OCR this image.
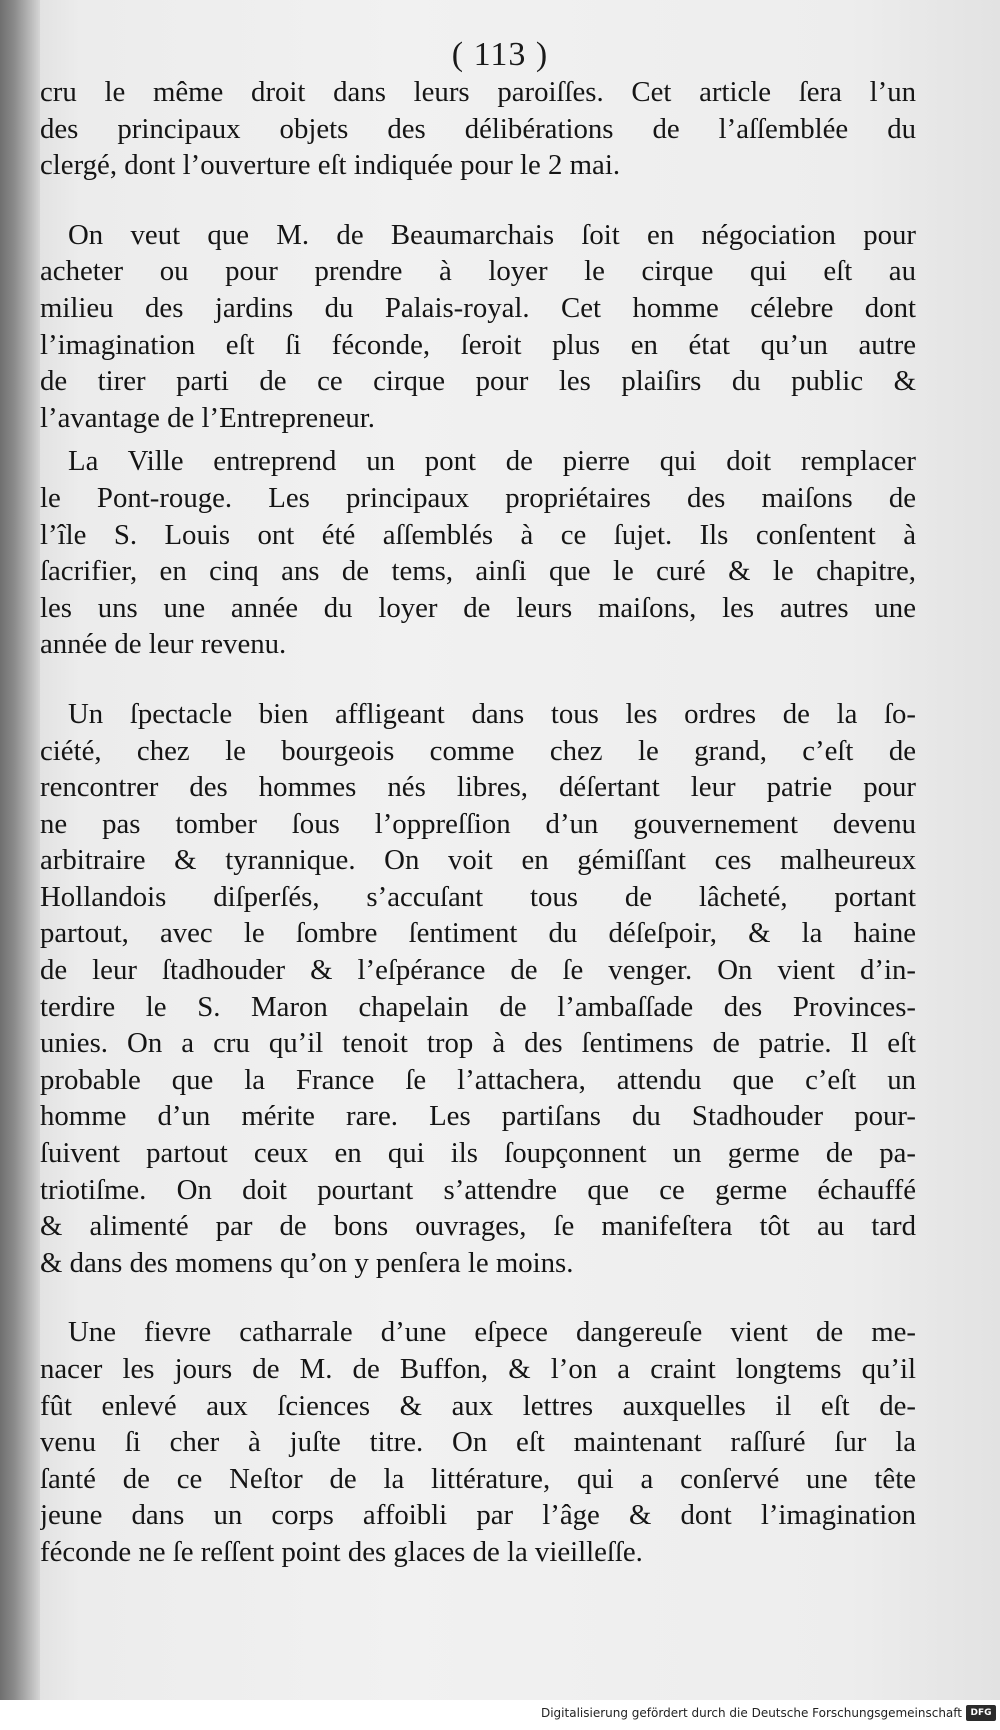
( 113 )

cru le même droit dans leurs paroiſſes. Cet article ſera l’un
des principaux objets des délibérations de l’aſſemblée du
clergé, dont l’ouverture eſt indiquée pour le 2 mai.

On veut que M. de Beaumarchais ſoit en négociation pour
acheter ou pour prendre à loyer le cirque qui eſt au
milieu des jardins du Palais-royal. Cet homme célebre dont
l’imagination eſt ſi féconde, ſeroit plus en état qu’un autre
de tirer parti de ce cirque pour les plaiſirs du public &
l’avantage de l’Entrepreneur.

La Ville entreprend un pont de pierre qui doit remplacer
le Pont-rouge. Les principaux propriétaires des maiſons de
l’île S. Louis ont été aſſemblés à ce ſujet. Ils conſentent à
ſacrifier, en cinq ans de tems, ainſi que le curé & le chapitre,
les uns une année du loyer de leurs maiſons, les autres une
année de leur revenu.

Un ſpectacle bien affligeant dans tous les ordres de la ſo-
ciété, chez le bourgeois comme chez le grand, c’eſt de
rencontrer des hommes nés libres, déſertant leur patrie pour
ne pas tomber ſous l’oppreſſion d’un gouvernement devenu
arbitraire & tyrannique. On voit en gémiſſant ces malheureux
Hollandois diſperſés, s’accuſant tous de lâcheté, portant
partout, avec le ſombre ſentiment du déſeſpoir, & la haine
de leur ſtadhouder & l’eſpérance de ſe venger. On vient d’in-
terdire le S. Maron chapelain de l’ambaſſade des Provinces-
unies. On a cru qu’il tenoit trop à des ſentimens de patrie. Il eſt
probable que la France ſe l’attachera, attendu que c’eſt un
homme d’un mérite rare. Les partiſans du Stadhouder pour-
ſuivent partout ceux en qui ils ſoupçonnent un germe de pa-
triotiſme. On doit pourtant s’attendre que ce germe échauffé
& alimenté par de bons ouvrages, ſe manifeſtera tôt au tard
& dans des momens qu’on y penſera le moins.

Une fievre catharrale d’une eſpece dangereuſe vient de me-
nacer les jours de M. de Buffon, & l’on a craint longtems qu’il
fût enlevé aux ſciences & aux lettres auxquelles il eſt de-
venu ſi cher à juſte titre. On eſt maintenant raſſuré ſur la
ſanté de ce Neſtor de la littérature, qui a conſervé une tête
jeune dans un corps affoibli par l’âge & dont l’imagination
féconde ne ſe reſſent point des glaces de la vieilleſſe.

Digitalisierung gefördert durch die Deutsche Forschungsgemeinschaft DFG
